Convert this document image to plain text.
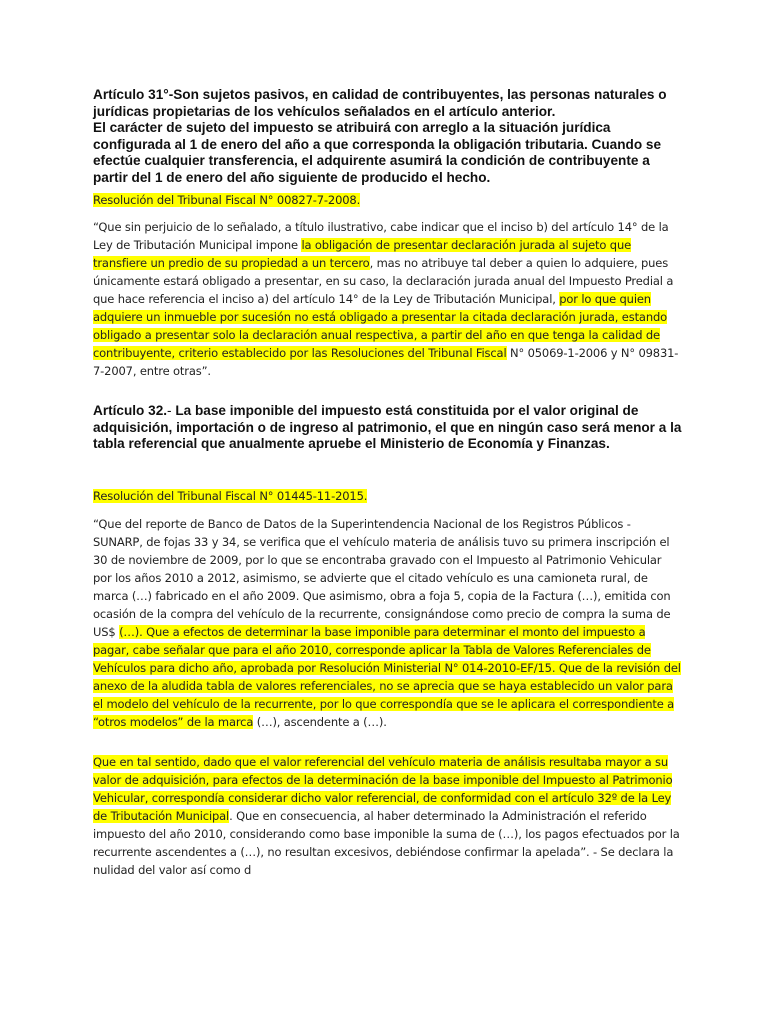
Artículo 31°-Son sujetos pasivos, en calidad de contribuyentes, las personas naturales o jurídicas propietarias de los vehículos señalados en el artículo anterior.
El carácter de sujeto del impuesto se atribuirá con arreglo a la situación jurídica configurada al 1 de enero del año a que corresponda la obligación tributaria. Cuando se efectúe cualquier transferencia, el adquirente asumirá la condición de contribuyente a partir del 1 de enero del año siguiente de producido el hecho.

Resolución del Tribunal Fiscal N° 00827-7-2008.

“Que sin perjuicio de lo señalado, a título ilustrativo, cabe indicar que el inciso b) del artículo 14° de la Ley de Tributación Municipal impone la obligación de presentar declaración jurada al sujeto que transfiere un predio de su propiedad a un tercero, mas no atribuye tal deber a quien lo adquiere, pues únicamente estará obligado a presentar, en su caso, la declaración jurada anual del Impuesto Predial a que hace referencia el inciso a) del artículo 14° de la Ley de Tributación Municipal, por lo que quien adquiere un inmueble por sucesión no está obligado a presentar la citada declaración jurada, estando obligado a presentar solo la declaración anual respectiva, a partir del año en que tenga la calidad de contribuyente, criterio establecido por las Resoluciones del Tribunal Fiscal N° 05069-1-2006 y N° 09831-7-2007, entre otras”.

Artículo 32.- La base imponible del impuesto está constituida por el valor original de adquisición, importación o de ingreso al patrimonio, el que en ningún caso será menor a la tabla referencial que anualmente apruebe el Ministerio de Economía y Finanzas.

Resolución del Tribunal Fiscal N° 01445-11-2015.

“Que del reporte de Banco de Datos de la Superintendencia Nacional de los Registros Públicos - SUNARP, de fojas 33 y 34, se verifica que el vehículo materia de análisis tuvo su primera inscripción el 30 de noviembre de 2009, por lo que se encontraba gravado con el Impuesto al Patrimonio Vehicular por los años 2010 a 2012, asimismo, se advierte que el citado vehículo es una camioneta rural, de marca (…) fabricado en el año 2009. Que asimismo, obra a foja 5, copia de la Factura (…), emitida con ocasión de la compra del vehículo de la recurrente, consignándose como precio de compra la suma de US$ (…). Que a efectos de determinar la base imponible para determinar el monto del impuesto a pagar, cabe señalar que para el año 2010, corresponde aplicar la Tabla de Valores Referenciales de Vehículos para dicho año, aprobada por Resolución Ministerial N° 014-2010-EF/15. Que de la revisión del anexo de la aludida tabla de valores referenciales, no se aprecia que se haya establecido un valor para el modelo del vehículo de la recurrente, por lo que correspondía que se le aplicara el correspondiente a “otros modelos” de la marca (…), ascendente a (…).

Que en tal sentido, dado que el valor referencial del vehículo materia de análisis resultaba mayor a su valor de adquisición, para efectos de la determinación de la base imponible del Impuesto al Patrimonio Vehicular, correspondía considerar dicho valor referencial, de conformidad con el artículo 32º de la Ley de Tributación Municipal. Que en consecuencia, al haber determinado la Administración el referido impuesto del año 2010, considerando como base imponible la suma de (…), los pagos efectuados por la recurrente ascendentes a (…), no resultan excesivos, debiéndose confirmar la apelada”. - Se declara la nulidad del valor así como d
